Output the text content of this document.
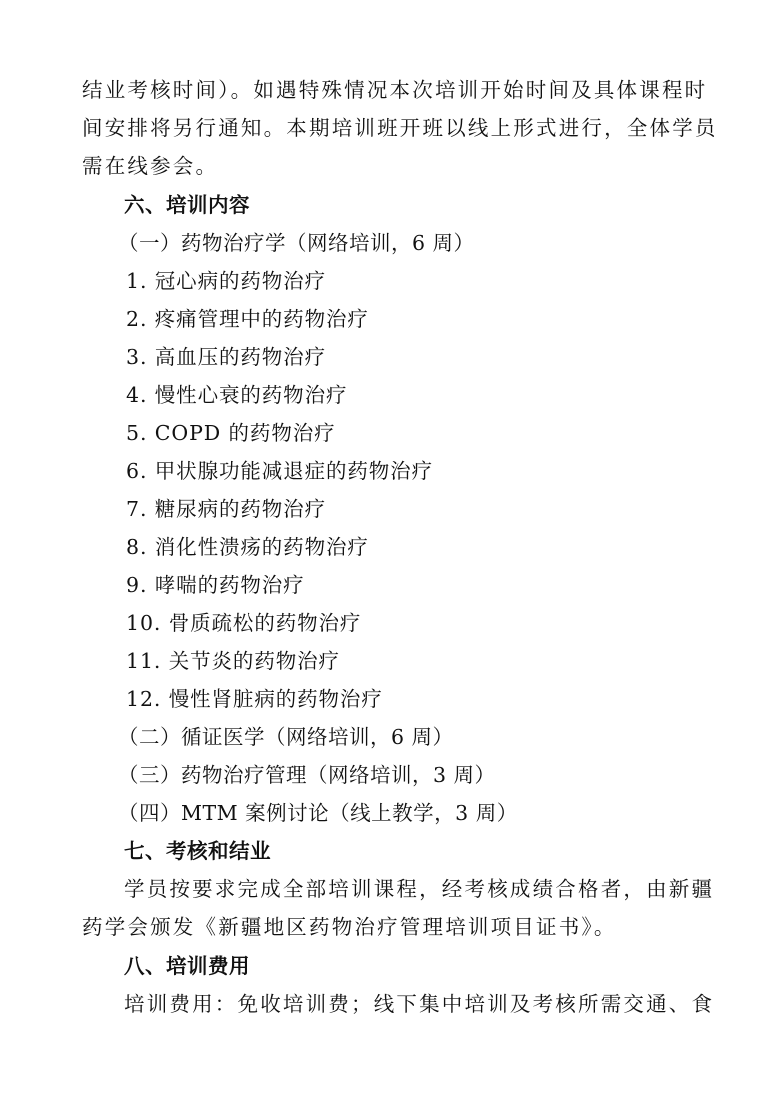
结业考核时间）。如遇特殊情况本次培训开始时间及具体课程时
间安排将另行通知。本期培训班开班以线上形式进行，全体学员
需在线参会。
六、培训内容
（一）药物治疗学（网络培训，6 周）
1. 冠心病的药物治疗
2. 疼痛管理中的药物治疗
3. 高血压的药物治疗
4. 慢性心衰的药物治疗
5. COPD 的药物治疗
6. 甲状腺功能减退症的药物治疗
7. 糖尿病的药物治疗
8. 消化性溃疡的药物治疗
9. 哮喘的药物治疗
10. 骨质疏松的药物治疗
11. 关节炎的药物治疗
12. 慢性肾脏病的药物治疗
（二）循证医学（网络培训，6 周）
（三）药物治疗管理（网络培训，3 周）
（四）MTM 案例讨论（线上教学，3 周）
七、考核和结业
学员按要求完成全部培训课程，经考核成绩合格者，由新疆
药学会颁发《新疆地区药物治疗管理培训项目证书》。
八、培训费用
培训费用：免收培训费；线下集中培训及考核所需交通、食
